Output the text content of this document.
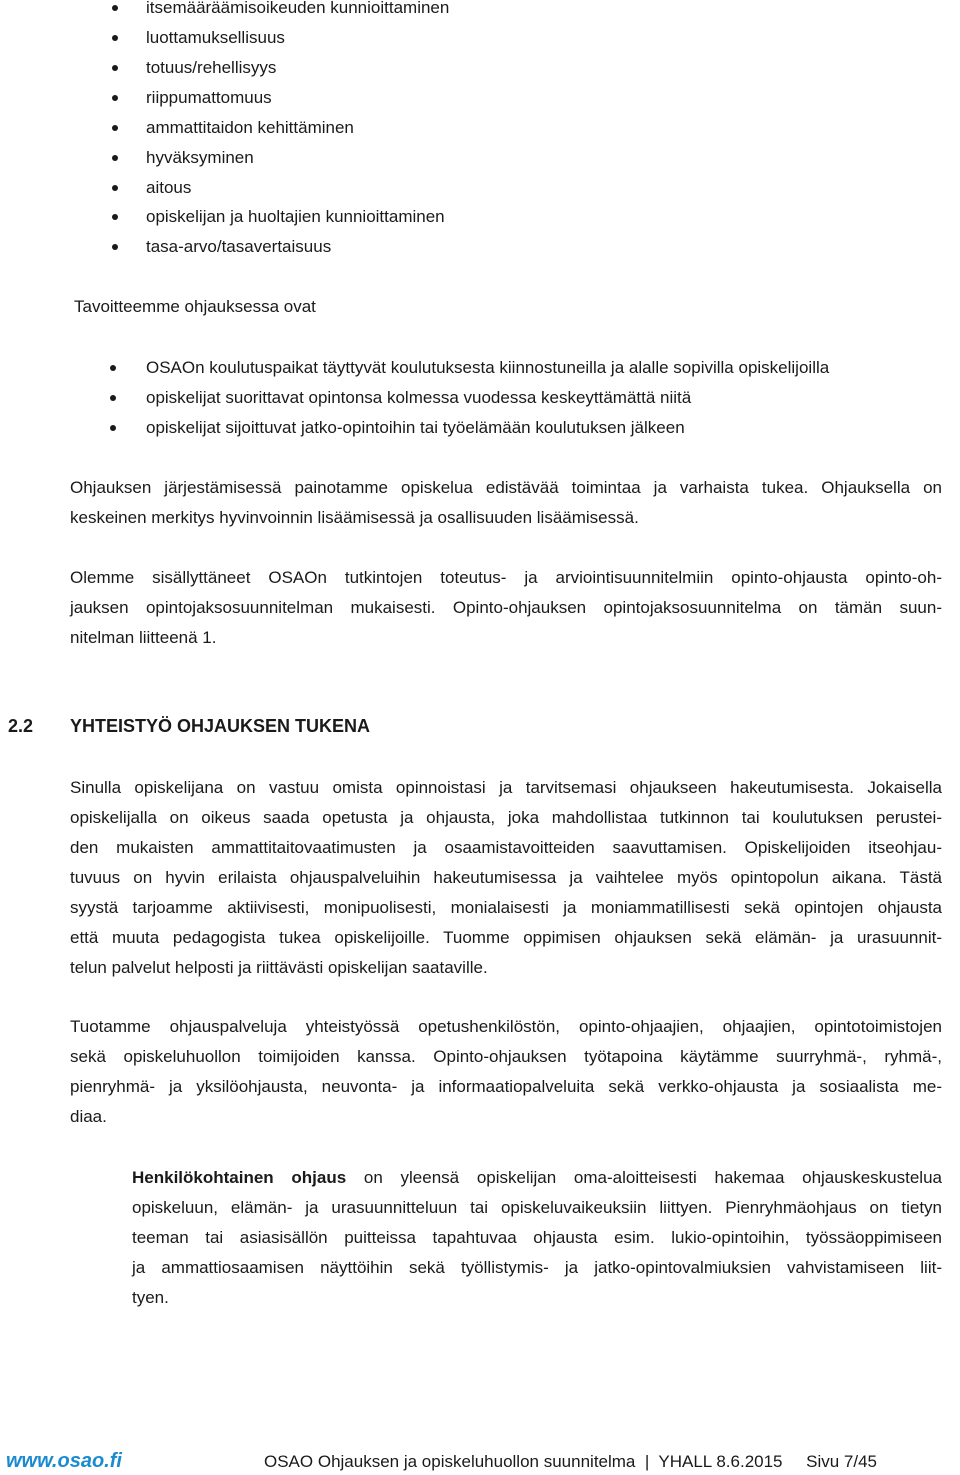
itsemääräämisoikeuden kunnioittaminen
luottamuksellisuus
totuus/rehellisyys
riippumattomuus
ammattitaidon kehittäminen
hyväksyminen
aitous
opiskelijan ja huoltajien kunnioittaminen
tasa-arvo/tasavertaisuus
Tavoitteemme ohjauksessa ovat
OSAOn koulutuspaikat täyttyvät koulutuksesta kiinnostuneilla ja alalle sopivilla opiskelijoilla
opiskelijat suorittavat opintonsa kolmessa vuodessa keskeyttämättä niitä
opiskelijat sijoittuvat jatko-opintoihin tai työelämään koulutuksen jälkeen
Ohjauksen järjestämisessä painotamme opiskelua edistävää toimintaa ja varhaista tukea. Ohjauksella on
keskeinen merkitys hyvinvoinnin lisäämisessä ja osallisuuden lisäämisessä.
Olemme sisällyttäneet OSAOn tutkintojen toteutus- ja arviointisuunnitelmiin opinto-ohjausta opinto-oh-
jauksen opintojaksosuunnitelman mukaisesti. Opinto-ohjauksen opintojaksosuunnitelma on tämän suun-
nitelman liitteenä 1.
2.2 YHTEISTYÖ OHJAUKSEN TUKENA
Sinulla opiskelijana on vastuu omista opinnoistasi ja tarvitsemasi ohjaukseen hakeutumisesta. Jokaisella
opiskelijalla on oikeus saada opetusta ja ohjausta, joka mahdollistaa tutkinnon tai koulutuksen perustei-
den mukaisten ammattitaitovaatimusten ja osaamistavoitteiden saavuttamisen. Opiskelijoiden itseohjau-
tuvuus on hyvin erilaista ohjauspalveluihin hakeutumisessa ja vaihtelee myös opintopolun aikana. Tästä
syystä tarjoamme aktiivisesti, monipuolisesti, monialaisesti ja moniammatillisesti sekä opintojen ohjausta
että muuta pedagogista tukea opiskelijoille. Tuomme oppimisen ohjauksen sekä elämän- ja urasuunnit-
telun palvelut helposti ja riittävästi opiskelijan saataville.
Tuotamme ohjauspalveluja yhteistyössä opetushenkilöstön, opinto-ohjaajien, ohjaajien, opintotoimistojen
sekä opiskeluhuollon toimijoiden kanssa. Opinto-ohjauksen työtapoina käytämme suurryhmä-, ryhmä-,
pienryhmä- ja yksilöohjausta, neuvonta- ja informaatiopalveluita sekä verkko-ohjausta ja sosiaalista me-
diaa.
Henkilökohtainen ohjaus on yleensä opiskelijan oma-aloitteisesti hakemaa ohjauskeskustelua
opiskeluun, elämän- ja urasuunnitteluun tai opiskeluvaikeuksiin liittyen. Pienryhmäohjaus on tietyn
teeman tai asiasisällön puitteissa tapahtuvaa ohjausta esim. lukio-opintoihin, työssäoppimiseen
ja ammattiosaamisen näyttöihin sekä työllistymis- ja jatko-opintovalmiuksien vahvistamiseen liit-
tyen.
www.osao.fi	OSAO Ohjauksen ja opiskeluhuollon suunnitelma  |  YHALL 8.6.2015     Sivu 7/45
